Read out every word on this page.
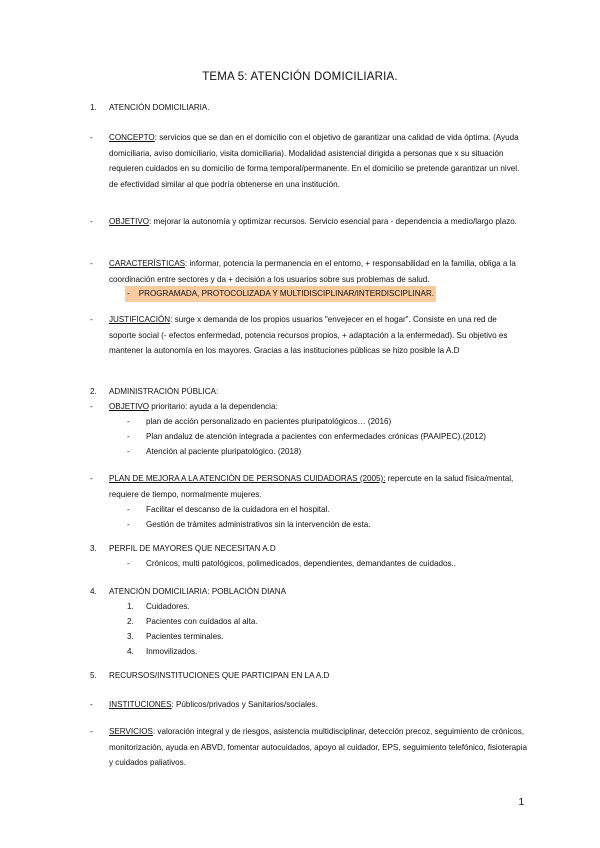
TEMA 5: ATENCIÓN DOMICILIARIA.
1.	ATENCIÓN DOMICILIARIA.
- CONCEPTO: servicios que se dan en el domicilio con el objetivo de garantizar una calidad de vida óptima. (Ayuda domiciliaria, aviso domiciliario, visita domiciliaria). Modalidad asistencial dirigida a personas que x su situación requieren cuidados en su domicilio de forma temporal/permanente. En el domicilio se pretende garantizar un nivel. de efectividad similar al que podría obtenerse en una institución.
- OBJETIVO: mejorar la autonomía y optimizar recursos. Servicio esencial para - dependencia a medio/largo plazo.
- CARACTERÍSTICAS: informar, potencia la permanencia en el entorno, + responsabilidad en la familia, obliga a la coordinación entre sectores y da + decisión a los usuarios sobre sus problemas de salud.
- PROGRAMADA, PROTOCOLIZADA Y MULTIDISCIPLINAR/INTERDISCIPLINAR.
- JUSTIFICACIÓN: surge x demanda de los propios usuarios "envejecer en el hogar". Consiste en una red de soporte social (- efectos enfermedad, potencia recursos propios, + adaptación a la enfermedad). Su objetivo es mantener la autonomía en los mayores. Gracias a las instituciones públicas se hizo posible la A.D
2.	ADMINISTRACIÓN PÚBLICA:
- OBJETIVO prioritario: ayuda a la dependencia:
- plan de acción personalizado en pacientes pluripatológicos… (2016)
- Plan andaluz de atención integrada a pacientes con enfermedades crónicas (PAAIPEC).(2012)
- Atención al paciente pluripatológico. (2018)
- PLAN DE MEJORA A LA ATENCIÓN DE PERSONAS CUIDADORAS (2005): repercute en la salud física/mental, requiere de tiempo, normalmente mujeres.
- Facilitar el descanso de la cuidadora en el hospital.
- Gestión de trámites administrativos sin la intervención de esta.
3.	PERFIL DE MAYORES QUE NECESITAN A.D
- Crónicos, multi patológicos, polimedicados, dependientes, demandantes de cuidados..
4.	ATENCIÓN DOMICILIARIA: POBLACIÓN DIANA
1.	Cuidadores.
2.	Pacientes con cuidados al alta.
3.	Pacientes terminales.
4.	Inmovilizados.
5.	RECURSOS/INSTITUCIONES QUE PARTICIPAN EN LA A.D
- INSTITUCIONES: Públicos/privados y Sanitarios/sociales.
- SERVICIOS: valoración integral y de riesgos, asistencia multidisciplinar, detección precoz, seguimiento de crónicos, monitorización, ayuda en ABVD, fomentar autocuidados, apoyo al cuidador, EPS, seguimiento telefónico, fisioterapia y cuidados paliativos.
1
